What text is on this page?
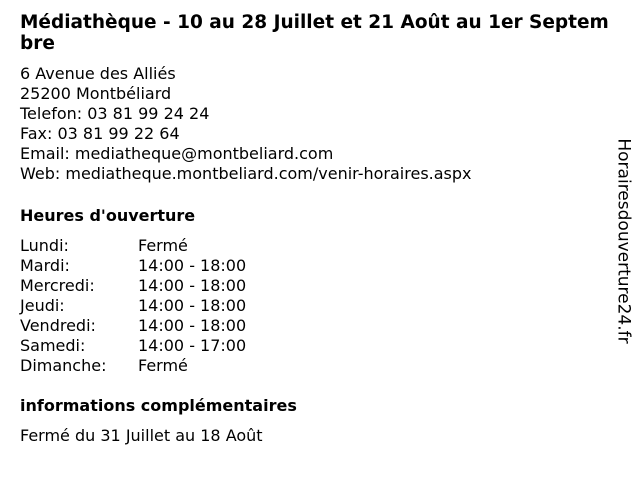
Médiathèque - 10 au 28 Juillet et 21 Août au 1er Septembre
6 Avenue des Alliés
25200 Montbéliard
Telefon: 03 81 99 24 24
Fax: 03 81 99 22 64
Email: mediatheque@montbeliard.com
Web: mediatheque.montbeliard.com/venir-horaires.aspx
Heures d'ouverture
Lundi:	Fermé
Mardi:	14:00 - 18:00
Mercredi:	14:00 - 18:00
Jeudi:	14:00 - 18:00
Vendredi:	14:00 - 18:00
Samedi:	14:00 - 17:00
Dimanche:	Fermé
informations complémentaires
Fermé du 31 Juillet au 18 Août
Horairesdouverture24.fr
